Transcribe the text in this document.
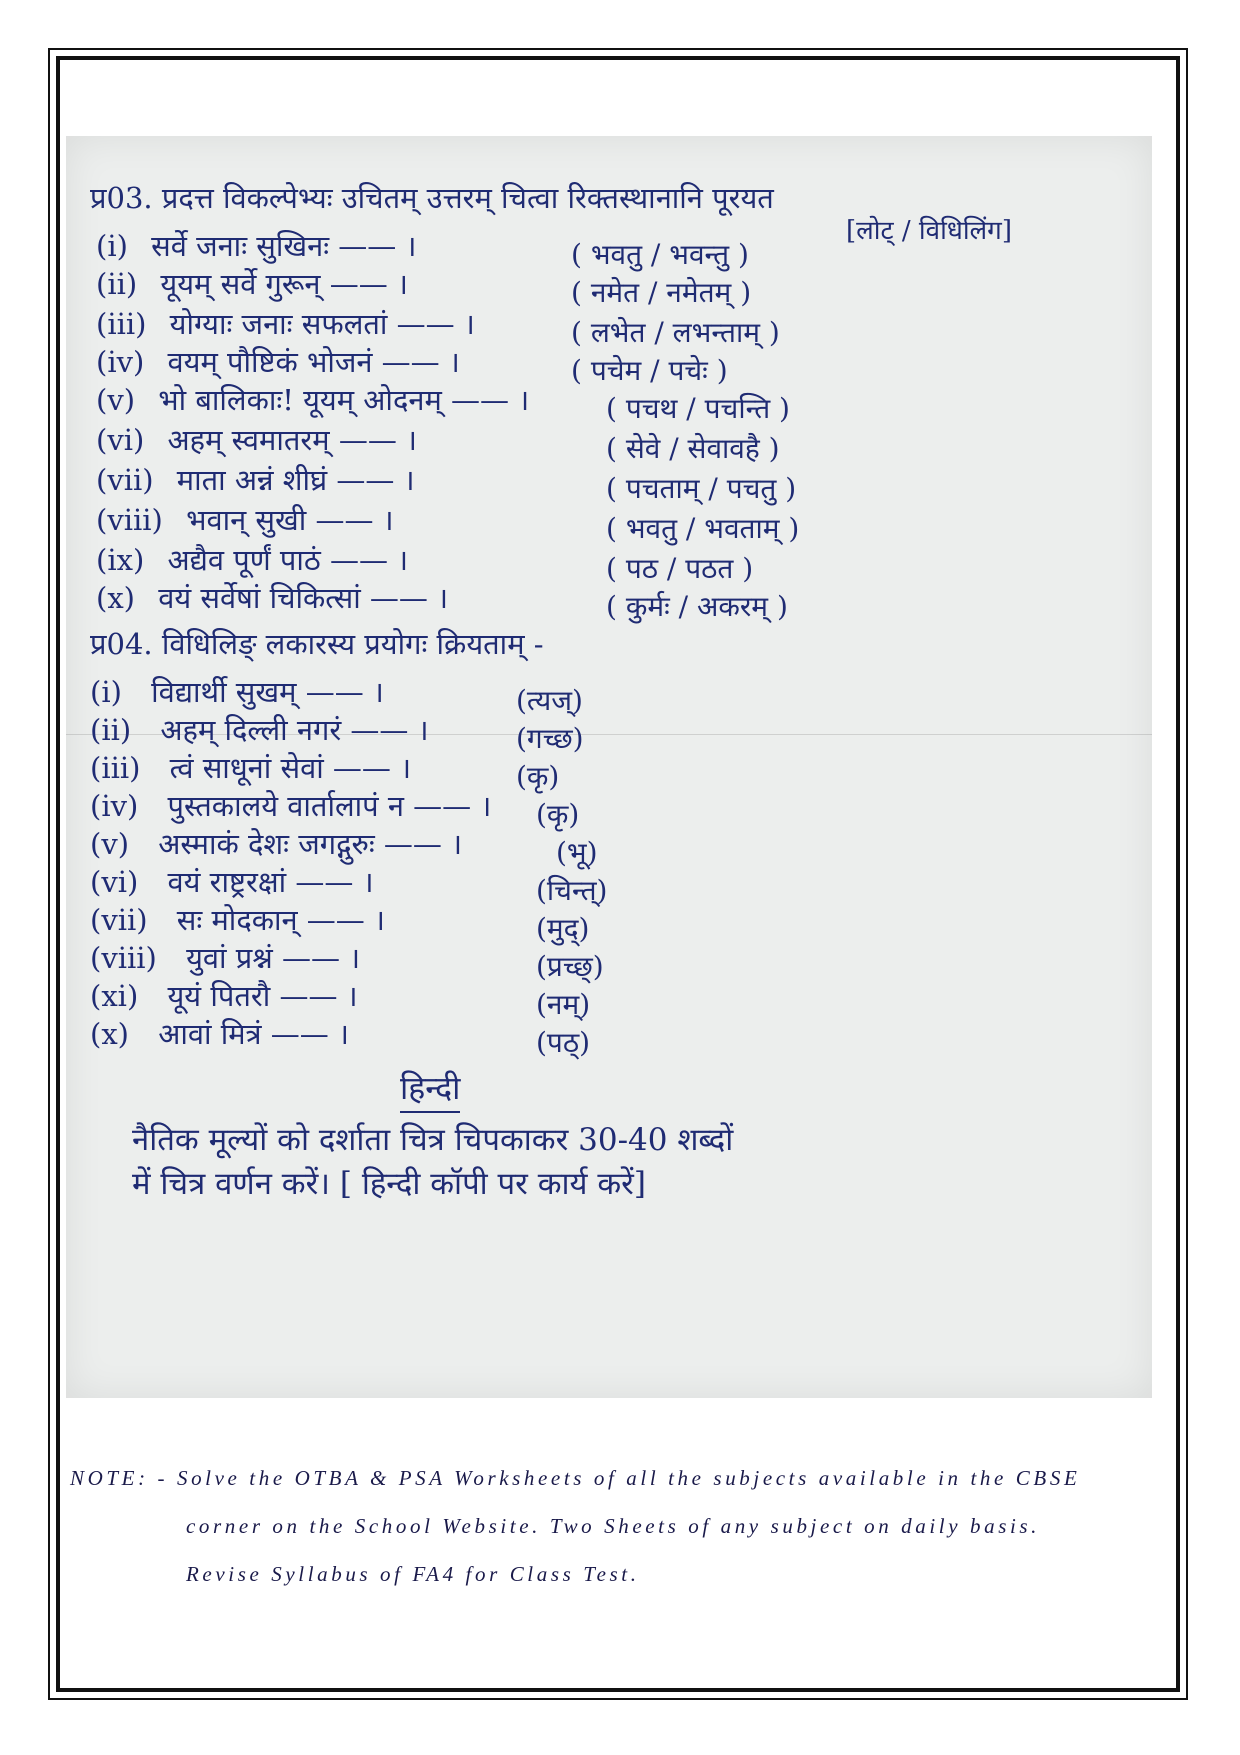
प्र03. प्रदत्त विकल्पेभ्यः उचितम् उत्तरम् चित्वा रिक्तस्थानानि पूरयत
[लोट् / विधिलिंग]
(i) सर्वे जनाः सुखिनः —— ।	( भवतु / भवन्तु )
(ii) यूयम् सर्वे गुरून् —— ।	( नमेत / नमेतम् )
(iii) योग्याः जनाः सफलतां —— ।	( लभेत / लभन्ताम् )
(iv) वयम् पौष्टिकं भोजनं —— ।	( पचेम / पचेः )
(v) भो बालिकाः! यूयम् ओदनम् —— ।	( पचथ / पचन्ति )
(vi) अहम् स्वमातरम् —— ।	( सेवे / सेवावहै )
(vii) माता अन्नं शीघ्रं —— ।	( पचताम् / पचतु )
(viii) भवान् सुखी —— ।	( भवतु / भवताम् )
(ix) अद्यैव पूर्णं पाठं —— ।	( पठ / पठत )
(x) वयं सर्वेषां चिकित्सां —— ।	( कुर्मः / अकरम् )
प्र04. विधिलिङ् लकारस्य प्रयोगः क्रियताम् -
(i) विद्यार्थी सुखम् —— ।	(त्यज्)
(ii) अहम् दिल्ली नगरं —— ।	(गच्छ)
(iii) त्वं साधूनां सेवां —— ।	(कृ)
(iv) पुस्तकालये वार्तालापं न —— । (कृ)
(v) अस्माकं देशः जगद्गुरुः —— ।	(भू)
(vi) वयं राष्ट्ररक्षां —— ।	(चिन्त्)
(vii) सः मोदकान् —— ।	(मुद्)
(viii) युवां प्रश्नं —— ।	(प्रच्छ्)
(xi) यूयं पितरौ —— ।	(नम्)
(x) आवां मित्रं —— ।	(पठ्)
हिन्दी
नैतिक मूल्यों को दर्शाता चित्र चिपकाकर 30-40 शब्दों
में चित्र वर्णन करें। [ हिन्दी कॉपी पर कार्य करें]
NOTE: - Solve the OTBA & PSA Worksheets of all the subjects available in the CBSE
corner on the School Website. Two Sheets of any subject on daily basis.
Revise Syllabus of FA4 for Class Test.
